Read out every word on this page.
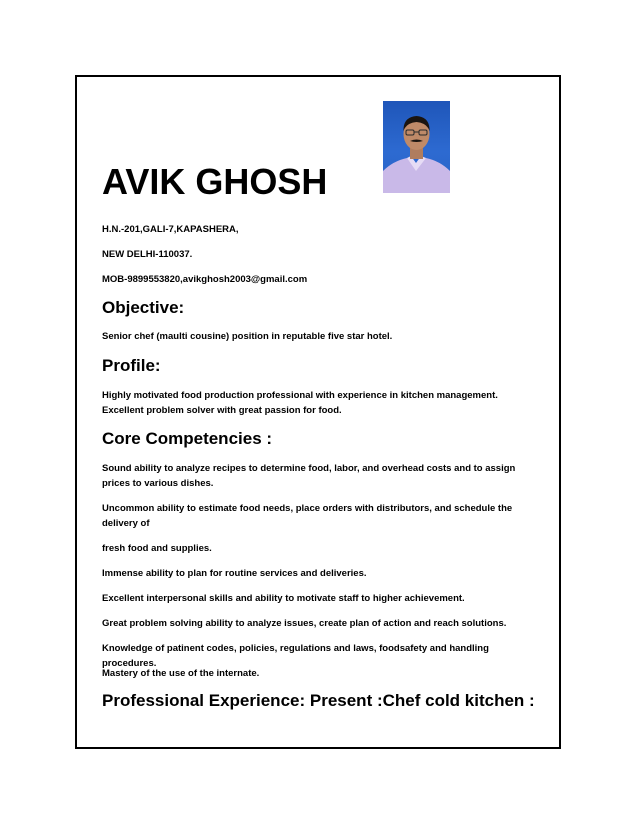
AVIK GHOSH
H.N.-201,GALI-7,KAPASHERA,
NEW DELHI-110037.
MOB-9899553820,avikghosh2003@gmail.com
Objective:
Senior chef (maulti cousine) position in reputable five star hotel.
Profile:
Highly motivated food production professional with experience in kitchen management. Excellent problem solver with great passion for food.
Core Competencies :
Sound ability to analyze recipes to determine food, labor, and overhead costs and to assign prices to various dishes.
Uncommon ability to estimate food needs, place orders with distributors, and schedule the delivery of
fresh food and supplies.
Immense ability to plan for routine services and deliveries.
Excellent interpersonal skills and ability to motivate staff to higher achievement.
Great problem solving ability to analyze issues, create plan of action and reach solutions.
Knowledge of patinent codes, policies, regulations and laws, foodsafety and handling procedures.
Mastery of the use of the internate.
Professional Experience: Present :Chef cold kitchen :
